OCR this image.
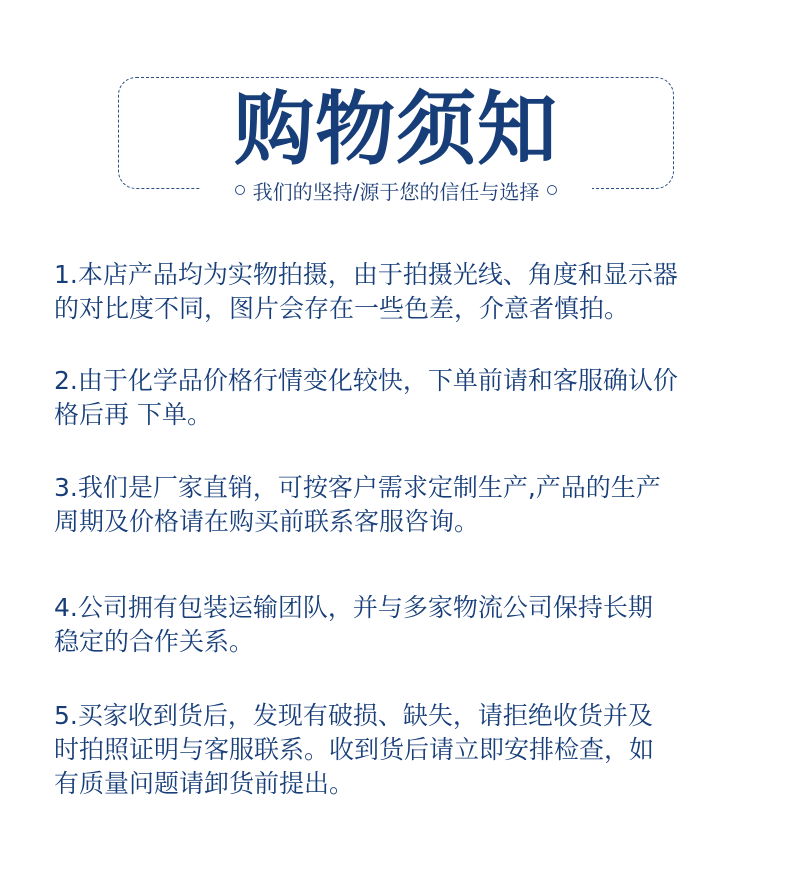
购物须知
我们的坚持/源于您的信任与选择
1.本店产品均为实物拍摄，由于拍摄光线、角度和显示器
的对比度不同，图片会存在一些色差，介意者慎拍。
2.由于化学品价格行情变化较快，下单前请和客服确认价
格后再 下单。
3.我们是厂家直销，可按客户需求定制生产,产品的生产
周期及价格请在购买前联系客服咨询。
4.公司拥有包装运输团队，并与多家物流公司保持长期
稳定的合作关系。
5.买家收到货后，发现有破损、缺失，请拒绝收货并及
时拍照证明与客服联系。收到货后请立即安排检查，如
有质量问题请卸货前提出。
